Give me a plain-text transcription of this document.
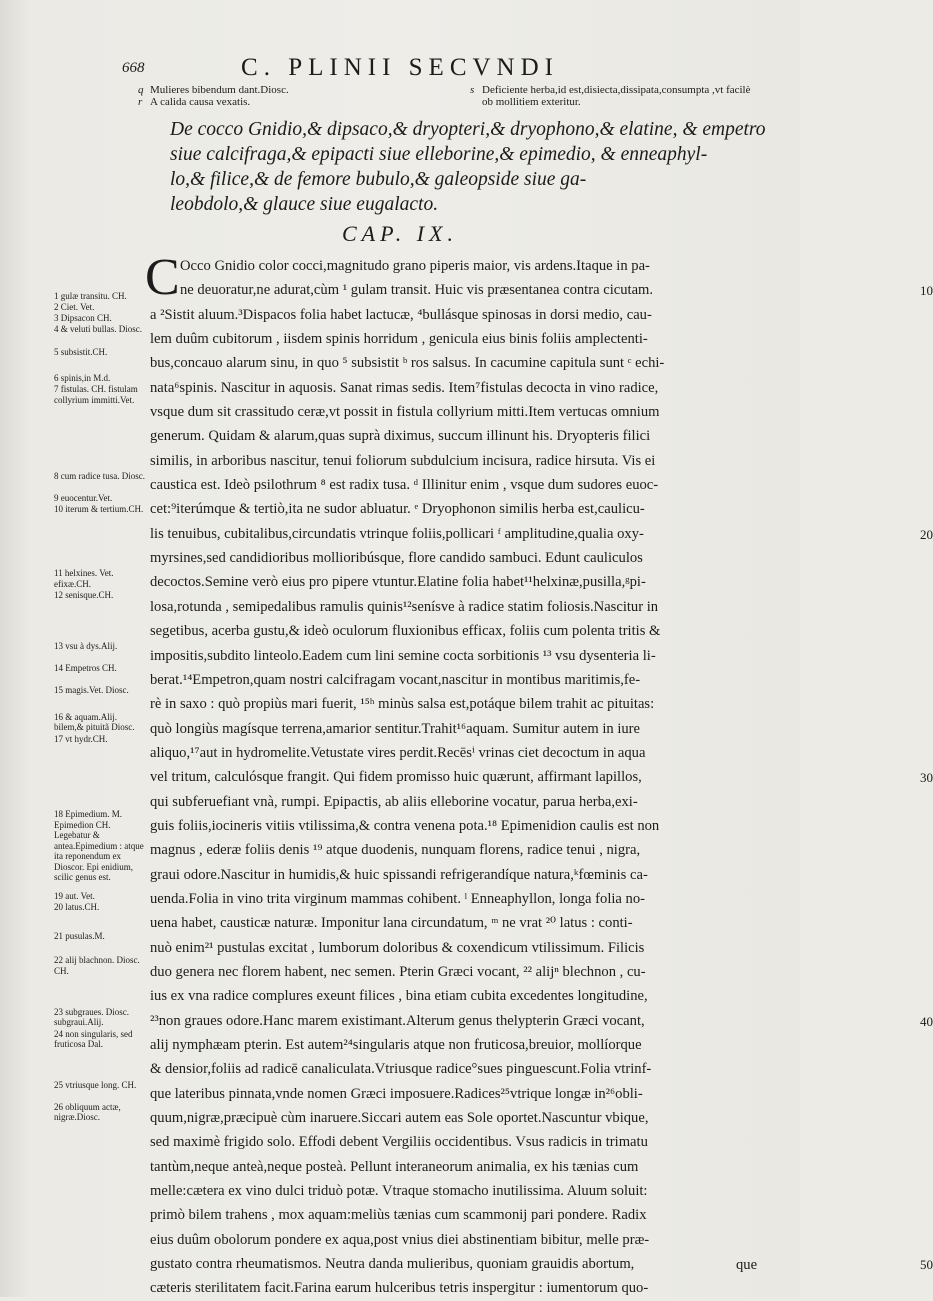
668	C. PLINII SECVNDI
q Mulieres bibendum dant.Diosc.
r A calida causa vexatis.
s Deficiente herba,id est,disiecta,dissipata,consumpta ,vt facilè
ob mollitiem exteritur.
De cocco Gnidio,& dipsaco,& dryopteri,& dryophono,& elatine, & empetro
siue calcifraga,& epipacti siue elleborine,& epimedio, & enneaphyl-
lo,& filice,& de femore bubulo,& galeopside siue ga-
leobdolo,& glauce siue eugalacto.
CAP. IX.
C
1 gulæ transitu. CH.
2 Ciet. Vet.
3 Dipsacon CH.
4 & veluti bullas. Diosc.
5 subsistit.CH.
6 spinis,in M.d.
7 fistulas. CH. fistulam collyrium immitti.Vet.
8 cum radice tusa. Diosc.
9 euocentur.Vet.
10 iterum & tertium.CH.
11 helxines. Vet. efixæ.CH.
12 senisque.CH.
13 vsu à dys.Alij.
14 Empetros CH.
15 magis.Vet. Diosc.
16 & aquam.Alij. bilem,& pituitã Diosc.
17 vt hydr.CH.
18 Epimedium. M. Epimedion CH. Legebatur & antea.Epimedium : atque ita reponendum ex Dioscor. Epi enidium, scilic genus est.
19 aut. Vet.
20 latus.CH.
21 pusulas.M.
22 alij blachnon. Diosc. CH.
23 subgraues. Diosc. subgraui.Alij.
24 non singularis, sed fruticosa Dal.
25 vtriusque long. CH.
26 obliquum actæ, nigræ.Diosc.
10
20
30
40
50
Occo Gnidio color cocci,magnitudo grano piperis maior, vis ardens.Itaque in pa-
ne deuoratur,ne adurat,cùm ¹ gulam transit. Huic vis præsentanea contra cicutam.
a ²Sistit aluum.³Dispacos folia habet lactucæ, ⁴bullásque spinosas in dorsi medio, cau-
lem duûm cubitorum , iisdem spinis horridum , genicula eius binis foliis amplectenti-
bus,concauo alarum sinu, in quo ⁵ subsistit ᵇ ros salsus. In cacumine capitula sunt ᶜ echi-
nata⁶spinis. Nascitur in aquosis. Sanat rimas sedis. Item⁷fistulas decocta in vino radice,
vsque dum sit crassitudo ceræ,vt possit in fistula collyrium mitti.Item vertucas omnium
generum. Quidam & alarum,quas suprà diximus, succum illinunt his. Dryopteris filici
similis, in arboribus nascitur, tenui foliorum subdulcium incisura, radice hirsuta. Vis ei
caustica est. Ideò psilothrum ⁸ est radix tusa. ᵈ Illinitur enim , vsque dum sudores euoc-
cet:⁹iterúmque & tertiò,ita ne sudor abluatur. ᵉ Dryophonon similis herba est,caulicu-
lis tenuibus, cubitalibus,circundatis vtrinque foliis,pollicari ᶠ amplitudine,qualia oxy-
myrsines,sed candidioribus mollioribúsque, flore candido sambuci. Edunt cauliculos
decoctos.Semine verò eius pro pipere vtuntur.Elatine folia habet¹¹helxinæ,pusilla,ᵍpi-
losa,rotunda , semipedalibus ramulis quinis¹²senísve à radice statim foliosis.Nascitur in
segetibus, acerba gustu,& ideò oculorum fluxionibus efficax, foliis cum polenta tritis &
impositis,subdito linteolo.Eadem cum lini semine cocta sorbitionis ¹³ vsu dysenteria li-
berat.¹⁴Empetron,quam nostri calcifragam vocant,nascitur in montibus maritimis,fe-
rè in saxo : quò propiùs mari fuerit, ¹⁵ʰ minùs salsa est,potáque bilem trahit ac pituitas:
quò longiùs magísque terrena,amarior sentitur.Trahit¹⁶aquam. Sumitur autem in iure
aliquo,¹⁷aut in hydromelite.Vetustate vires perdit.Recēsⁱ vrinas ciet decoctum in aqua
vel tritum, calculósque frangit. Qui fidem promisso huic quærunt, affirmant lapillos,
qui subferuefiant vnà, rumpi. Epipactis, ab aliis elleborine vocatur, parua herba,exi-
guis foliis,iocineris vitiis vtilissima,& contra venena pota.¹⁸ Epimenidion caulis est non
magnus , ederæ foliis denis ¹⁹ atque duodenis, nunquam florens, radice tenui , nigra,
graui odore.Nascitur in humidis,& huic spissandi refrigerandíque natura,ᵏfœminis ca-
uenda.Folia in vino trita virginum mammas cohibent. ˡ Enneaphyllon, longa folia no-
uena habet, causticæ naturæ. Imponitur lana circundatum, ᵐ ne vrat ²⁰ latus : conti-
nuò enim²¹ pustulas excitat , lumborum doloribus & coxendicum vtilissimum. Filicis
duo genera nec florem habent, nec semen. Pterin Græci vocant, ²² alijⁿ blechnon , cu-
ius ex vna radice complures exeunt filices , bina etiam cubita excedentes longitudine,
²³non graues odore.Hanc marem existimant.Alterum genus thelypterin Græci vocant,
alij nymphæam pterin. Est autem²⁴singularis atque non fruticosa,breuior, mollíorque
& densior,foliis ad radicē canaliculata.Vtriusque radice°sues pinguescunt.Folia vtrinf-
que lateribus pinnata,vnde nomen Græci imposuere.Radices²⁵vtrique longæ in²⁶obli-
quum,nigræ,præcipuè cùm inaruere.Siccari autem eas Sole oportet.Nascuntur vbique,
sed maximè frigido solo. Effodi debent Vergiliis occidentibus. Vsus radicis in trimatu
tantùm,neque anteà,neque posteà. Pellunt interaneorum animalia, ex his tænias cum
melle:cætera ex vino dulci triduò potæ. Vtraque stomacho inutilissima. Aluum soluit:
primò bilem trahens , mox aquam:meliùs tænias cum scammonij pari pondere. Radix
eius duûm obolorum pondere ex aqua,post vnius diei abstinentiam bibitur, melle præ-
gustato contra rheumatismos. Neutra danda mulieribus, quoniam grauidis abortum,
cæteris sterilitatem facit.Farina earum hulceribus tetris inspergitur : iumentorum quo-
que
